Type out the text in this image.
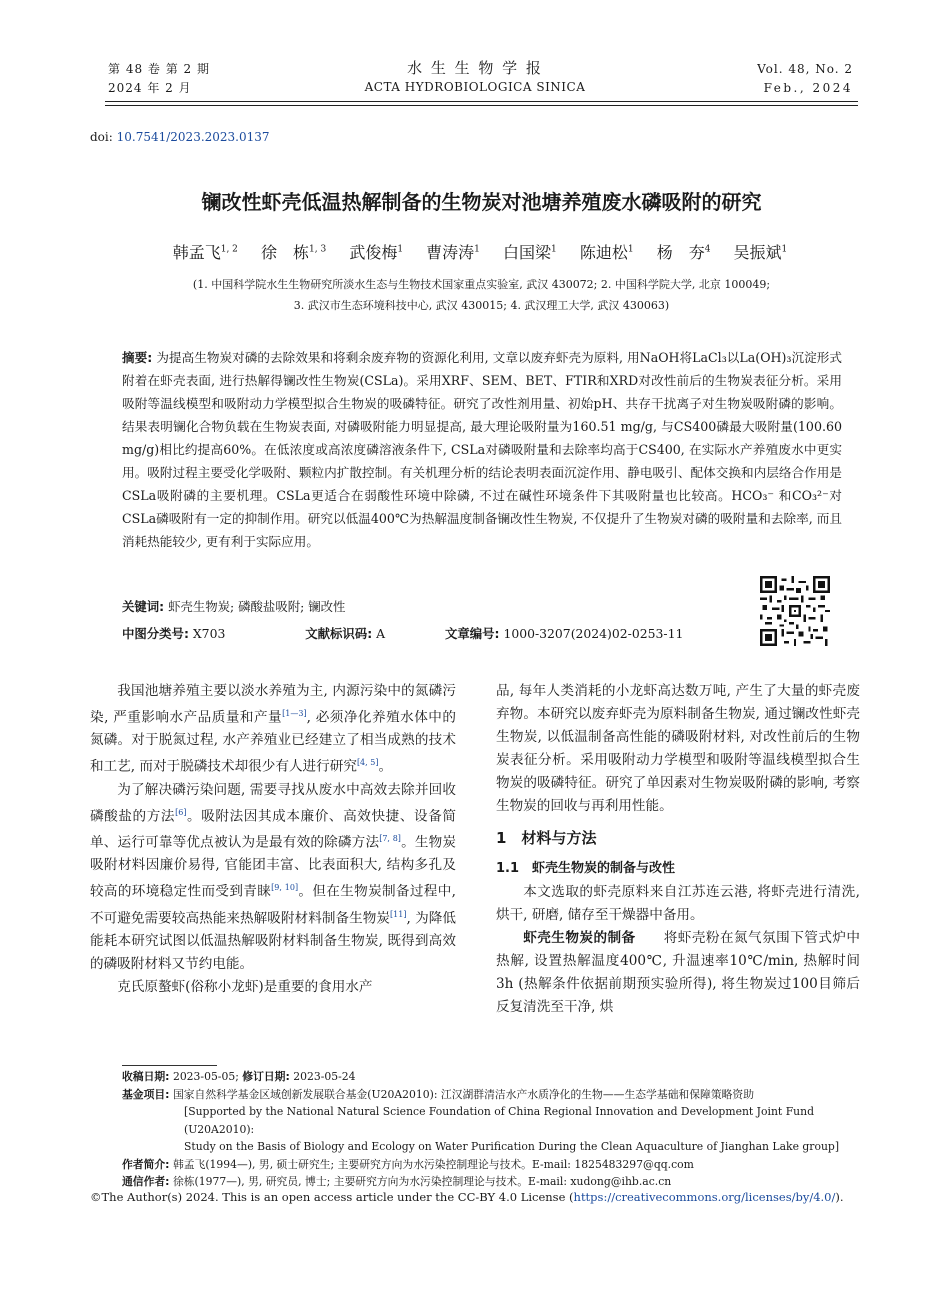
第 48 卷 第 2 期
2024 年 2 月
水 生 生 物 学 报
ACTA HYDROBIOLOGICA SINICA
Vol. 48, No. 2
Feb., 2024
doi: 10.7541/2023.2023.0137
镧改性虾壳低温热解制备的生物炭对池塘养殖废水磷吸附的研究
韩孟飞$^{1, 2}$ 徐　栋$^{1, 3}$ 武俊梅$^1$ 曹涛涛$^1$ 白国梁$^1$ 陈迪松$^1$ 杨　夯$^4$ 吴振斌$^1$
(1. 中国科学院水生生物研究所淡水生态与生物技术国家重点实验室, 武汉 430072; 2. 中国科学院大学, 北京 100049;
3. 武汉市生态环境科技中心, 武汉 430015; 4. 武汉理工大学, 武汉 430063)
摘要: 为提高生物炭对磷的去除效果和将剩余废弃物的资源化利用, 文章以废弃虾壳为原料, 用NaOH将LaCl₃以La(OH)₃沉淀形式附着在虾壳表面, 进行热解得镧改性生物炭(CSLa)。采用XRF、SEM、BET、FTIR和XRD对改性前后的生物炭表征分析。采用吸附等温线模型和吸附动力学模型拟合生物炭的吸磷特征。研究了改性剂用量、初始pH、共存干扰离子对生物炭吸附磷的影响。结果表明镧化合物负载在生物炭表面, 对磷吸附能力明显提高, 最大理论吸附量为160.51 mg/g, 与CS400磷最大吸附量(100.60 mg/g)相比约提高60%。在低浓度或高浓度磷溶液条件下, CSLa对磷吸附量和去除率均高于CS400, 在实际水产养殖废水中更实用。吸附过程主要受化学吸附、颗粒内扩散控制。有关机理分析的结论表明表面沉淀作用、静电吸引、配体交换和内层络合作用是CSLa吸附磷的主要机理。CSLa更适合在弱酸性环境中除磷, 不过在碱性环境条件下其吸附量也比较高。HCO₃⁻ 和CO₃²⁻对CSLa磷吸附有一定的抑制作用。研究以低温400℃为热解温度制备镧改性生物炭, 不仅提升了生物炭对磷的吸附量和去除率, 而且消耗热能较少, 更有利于实际应用。
关键词: 虾壳生物炭; 磷酸盐吸附; 镧改性
中图分类号: X703	文献标识码: A	文章编号: 1000-3207(2024)02-0253-11

我国池塘养殖主要以淡水养殖为主, 内源污染中的氮磷污染, 严重影响水产品质量和产量[1—3], 必须净化养殖水体中的氮磷。对于脱氮过程, 水产养殖业已经建立了相当成熟的技术和工艺, 而对于脱磷技术却很少有人进行研究[4, 5]。

为了解决磷污染问题, 需要寻找从废水中高效去除并回收磷酸盐的方法[6]。吸附法因其成本廉价、高效快捷、设备简单、运行可靠等优点被认为是最有效的除磷方法[7, 8]。生物炭吸附材料因廉价易得, 官能团丰富、比表面积大, 结构多孔及较高的环境稳定性而受到青睐[9, 10]。但在生物炭制备过程中, 不可避免需要较高热能来热解吸附材料制备生物炭[11], 为降低能耗本研究试图以低温热解吸附材料制备生物炭, 既得到高效的磷吸附材料又节约电能。

克氏原螯虾(俗称小龙虾)是重要的食用水产

品, 每年人类消耗的小龙虾高达数万吨, 产生了大量的虾壳废弃物。本研究以废弃虾壳为原料制备生物炭, 通过镧改性虾壳生物炭, 以低温制备高性能的磷吸附材料, 对改性前后的生物炭表征分析。采用吸附动力学模型和吸附等温线模型拟合生物炭的吸磷特征。研究了单因素对生物炭吸附磷的影响, 考察生物炭的回收与再利用性能。

1　材料与方法
1.1　虾壳生物炭的制备与改性

本文选取的虾壳原料来自江苏连云港, 将虾壳进行清洗, 烘干, 研磨, 储存至干燥器中备用。

虾壳生物炭的制备　　将虾壳粉在氮气氛围下管式炉中热解, 设置热解温度400℃, 升温速率10℃/min, 热解时间3h (热解条件依据前期预实验所得), 将生物炭过100目筛后反复清洗至干净, 烘

收稿日期: 2023-05-05; 修订日期: 2023-05-24
基金项目: 国家自然科学基金区域创新发展联合基金(U20A2010): 江汉湖群清洁水产水质净化的生物——生态学基础和保障策略资助
[Supported by the National Natural Science Foundation of China Regional Innovation and Development Joint Fund (U20A2010):
Study on the Basis of Biology and Ecology on Water Purification During the Clean Aquaculture of Jianghan Lake group]
作者简介: 韩孟飞(1994—), 男, 硕士研究生; 主要研究方向为水污染控制理论与技术。E-mail: 1825483297@qq.com
通信作者: 徐栋(1977—), 男, 研究员, 博士; 主要研究方向为水污染控制理论与技术。E-mail: xudong@ihb.ac.cn
©The Author(s) 2024. This is an open access article under the CC-BY 4.0 License (https://creativecommons.org/licenses/by/4.0/).
